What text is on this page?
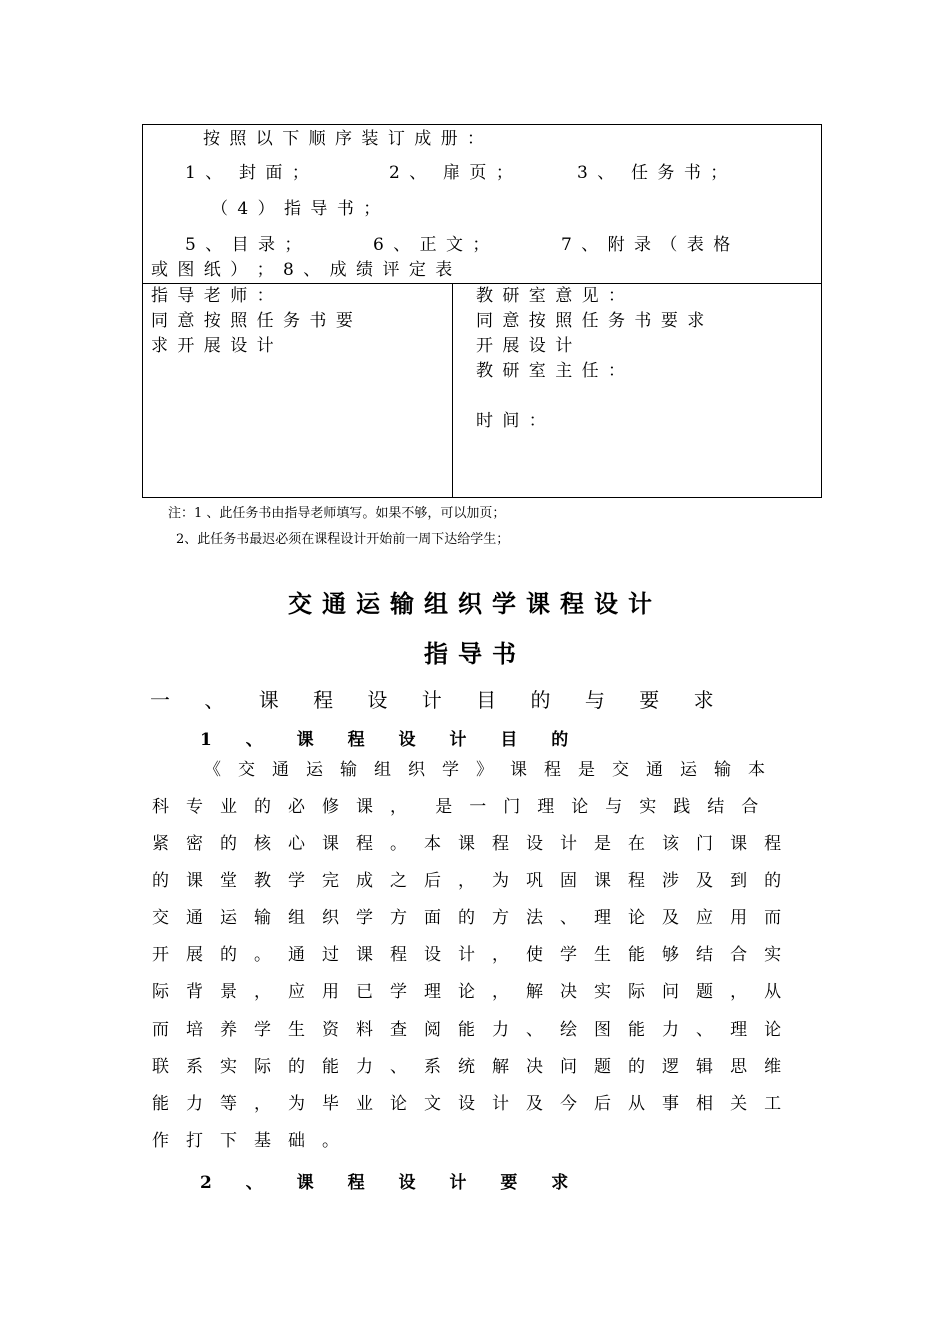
按 照 以 下 顺 序 装 订 成 册 ：
1 、  封 面 ；	2 、  扉 页 ；	3 、  任 务 书 ；
（ 4 ） 指 导 书 ；
5 、 目 录 ；	6 、 正 文 ；	7 、 附 录 （ 表 格
或 图 纸 ） ； 8 、 成 绩 评 定 表
指 导 老 师 ：
同 意 按 照 任 务 书 要
求 开 展 设 计
教 研 室 意 见 ：
同 意 按 照 任 务 书 要 求
开 展 设 计
教 研 室 主 任 ：
时 间 ：
注：1 、此任务书由指导老师填写。如果不够，可以加页；
2、此任务书最迟必须在课程设计开始前一周下达给学生；
交通运输组织学课程设计
指导书
一 、 课 程 设 计 目 的 与 要 求
1 、 课 程 设 计 目 的
《 交 通 运 输 组 织 学 》 课 程 是 交 通 运 输 本
科 专 业 的 必 修 课 ，  是 一 门 理 论 与 实 践 结 合
紧 密 的 核 心 课 程 。 本 课 程 设 计 是 在 该 门 课 程
的 课 堂 教 学 完 成 之 后 ， 为 巩 固 课 程 涉 及 到 的
交 通 运 输 组 织 学 方 面 的 方 法 、 理 论 及 应 用 而
开 展 的 。 通 过 课 程 设 计 ， 使 学 生 能 够 结 合 实
际 背 景 ， 应 用 已 学 理 论 ， 解 决 实 际 问 题 ， 从
而 培 养 学 生 资 料 查 阅 能 力 、 绘 图 能 力 、 理 论
联 系 实 际 的 能 力 、 系 统 解 决 问 题 的 逻 辑 思 维
能 力 等 ， 为 毕 业 论 文 设 计 及 今 后 从 事 相 关 工
作 打 下 基 础 。
2 、 课 程 设 计 要 求
